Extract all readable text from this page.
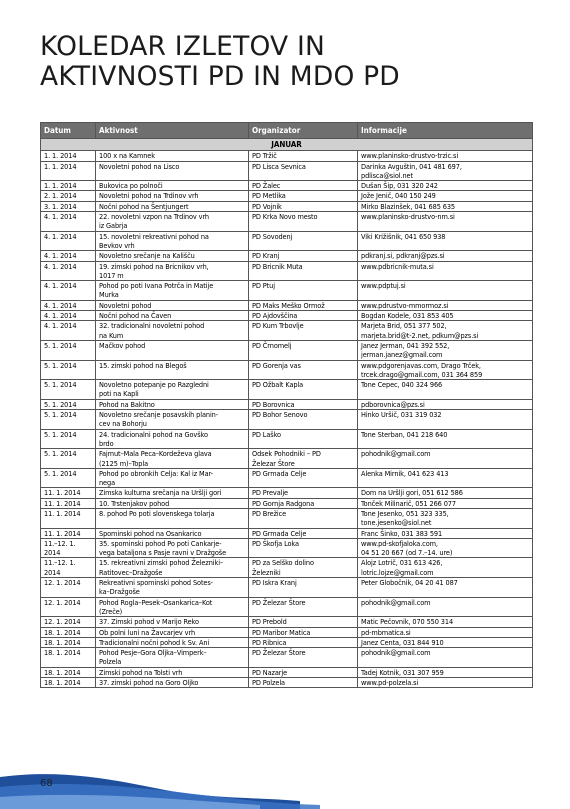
KOLEDAR IZLETOV IN
AKTIVNOSTI PD IN MDO PD
Datum	Aktivnost	Organizator	Informacije
JANUAR			
1. 1. 2014	100 x na Kamnek	PD Tržič	www.planinsko-drustvo-trzic.si
1. 1. 2014	Novoletni pohod na Lisco	PD Lisca Sevnica	Darinka Avguštin, 041 481 697,
pdlisca@siol.net
1. 1. 2014	Bukovica po polnoči	PD Žalec	Dušan Šip, 031 320 242
2. 1. 2014	Novoletni pohod na Trdinov vrh	PD Metlika	Jože Jenič, 040 150 249
3. 1. 2014	Nočni pohod na Šentjungert	PD Vojnik	Mirko Blazinšek, 041 685 635
4. 1. 2014	22. novoletni vzpon na Trdinov vrh
iz Gabrja	PD Krka Novo mesto	www.planinsko-drustvo-nm.si
4. 1. 2014	15. novoletni rekreativni pohod na
Bevkov vrh	PD Sovodenj	Viki Križišnik, 041 650 938
4. 1. 2014	Novoletno srečanje na Kališču	PD Kranj	pdkranj.si, pdkranj@pzs.si
4. 1. 2014	19. zimski pohod na Bricnikov vrh,
1017 m	PD Bricnik Muta	www.pdbricnik-muta.si
4. 1. 2014	Pohod po poti Ivana Potrča in Matije
Murka	PD Ptuj	www.pdptuj.si
4. 1. 2014	Novoletni pohod	PD Maks Meško Ormož	www.pdrustvo-mmormoz.si
4. 1. 2014	Nočni pohod na Čaven	PD Ajdovščina	Bogdan Kodele, 031 853 405
4. 1. 2014	32. tradicionalni novoletni pohod
na Kum	PD Kum Trbovlje	Marjeta Brid, 051 377 502,
marjeta.brid@t-2.net, pdkum@pzs.si
5. 1. 2014	Mačkov pohod	PD Črnomelj	Janez Jerman, 041 392 552,
jerman.janez@gmail.com
5. 1. 2014	15. zimski pohod na Blegoš	PD Gorenja vas	www.pdgorenjavas.com, Drago Trček,
trcek.drago@gmail.com, 031 364 859
5. 1. 2014	Novoletno potepanje po Razgledni
poti na Kapli	PD Ožbalt Kapla	Tone Cepec, 040 324 966
5. 1. 2014	Pohod na Bakitno	PD Borovnica	pdborovnica@pzs.si
5. 1. 2014	Novoletno srečanje posavskih planin-
cev na Bohorju	PD Bohor Senovo	Hinko Uršič, 031 319 032
5. 1. 2014	24. tradicionalni pohod na Govško
brdo	PD Laško	Tone Sterban, 041 218 640
5. 1. 2014	Fajmut–Mala Peca–Kordeževa glava
(2125 m)–Topla	Odsek Pohodniki – PD
Železar Štore	pohodnik@gmail.com
5. 1. 2014	Pohod po obronkih Celja: Kal iz Mar-
nega	PD Grmada Celje	Alenka Mirnik, 041 623 413
11. 1. 2014	Zimska kulturna srečanja na Uršlji gori	PD Prevalje	Dom na Uršlji gori, 051 612 586
11. 1. 2014	10. Trstenjakov pohod	PD Gornja Radgona	Tonček Milinarič, 051 266 077
11. 1. 2014	8. pohod Po poti slovenskega tolarja	PD Brežice	Tone Jesenko, 051 323 335,
tone.jesenko@siol.net
11. 1. 2014	Spominski pohod na Osankarico	PD Grmada Celje	Franc Šinko, 031 383 591
11.–12. 1.
2014	35. spominski pohod Po poti Cankarje-
vega bataljona s Pasje ravni v Dražgoše	PD Škofja Loka	www.pd-skofjaloka.com,
04 51 20 667 (od 7.–14. ure)
11.–12. 1.
2014	15. rekreativni zimski pohod Železniki–
Ratitovec–Dražgoše	PD za Selško dolino
Železniki	Alojz Lotrič, 031 613 426,
lotric.lojze@gmail.com
12. 1. 2014	Rekreativni spominski pohod Sotes-
ka–Dražgoše	PD Iskra Kranj	Peter Globočnik, 04 20 41 087
12. 1. 2014	Pohod Rogla–Pesek–Osankarica–Kot
(Zreče)	PD Železar Štore	pohodnik@gmail.com
12. 1. 2014	37. Zimski pohod v Marijo Reko	PD Prebold	Matic Pečovnik, 070 550 314
18. 1. 2014	Ob polni luni na Žavcarjev vrh	PD Maribor Matica	pd-mbmatica.si
18. 1. 2014	Tradicionalni nočni pohod k Sv. Ani	PD Ribnica	Janez Centa, 031 844 910
18. 1. 2014	Pohod Pesje–Gora Oljka–Vimperk–
Polzela	PD Železar Štore	pohodnik@gmail.com
18. 1. 2014	Zimski pohod na Tolsti vrh	PD Nazarje	Tadej Kotnik, 031 307 959
18. 1. 2014	37. zimski pohod na Goro Oljko	PD Polzela	www.pd-polzela.si
68
